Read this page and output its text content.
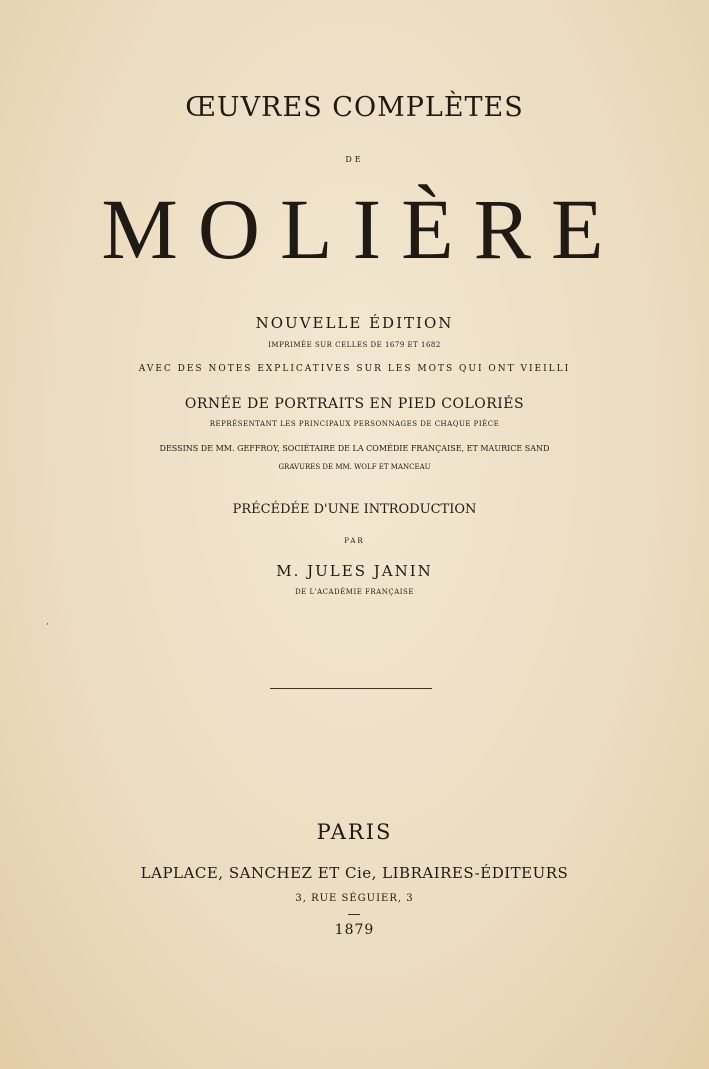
ŒUVRES COMPLÈTES
DE
MOLIÈRE
NOUVELLE ÉDITION
IMPRIMÉE SUR CELLES DE 1679 ET 1682
AVEC DES NOTES EXPLICATIVES SUR LES MOTS QUI ONT VIEILLI
ORNÉE DE PORTRAITS EN PIED COLORIÉS
REPRÉSENTANT LES PRINCIPAUX PERSONNAGES DE CHAQUE PIÈCE
DESSINS DE MM. GEFFROY, SOCIÉTAIRE DE LA COMÉDIE FRANÇAISE, ET MAURICE SAND
GRAVURES DE MM. WOLF ET MANCEAU
PRÉCÉDÉE D'UNE INTRODUCTION
PAR
M. JULES JANIN
DE L'ACADÉMIE FRANÇAISE
PARIS
LAPLACE, SANCHEZ ET Cie, LIBRAIRES-ÉDITEURS
3, RUE SÉGUIER, 3
1879
·
